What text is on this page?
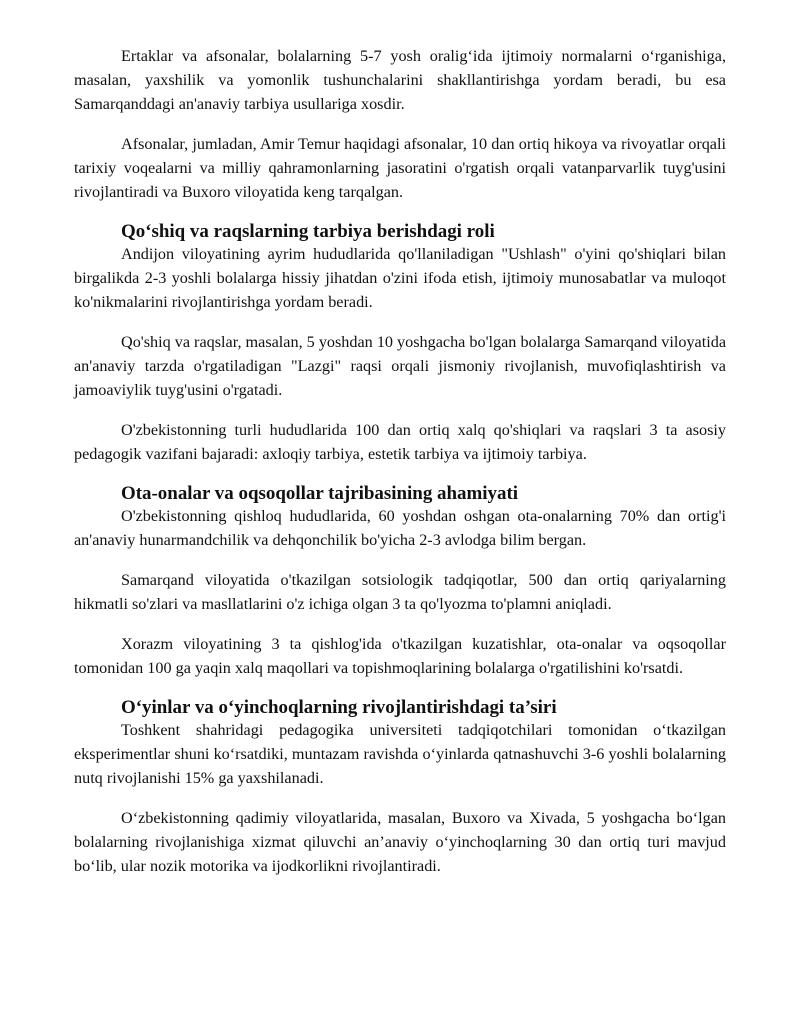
Ertaklar va afsonalar, bolalarning 5-7 yosh oralig‘ida ijtimoiy normalarni o‘rganishiga, masalan, yaxshilik va yomonlik tushunchalarini shakllantirishga yordam beradi, bu esa Samarqanddagi an'anaviy tarbiya usullariga xosdir.

Afsonalar, jumladan, Amir Temur haqidagi afsonalar, 10 dan ortiq hikoya va rivoyatlar orqali tarixiy voqealarni va milliy qahramonlarning jasoratini o'rgatish orqali vatanparvarlik tuyg'usini rivojlantiradi va Buxoro viloyatida keng tarqalgan.

Qo‘shiq va raqslarning tarbiya berishdagi roli

Andijon viloyatining ayrim hududlarida qo'llaniladigan "Ushlash" o'yini qo'shiqlari bilan birgalikda 2-3 yoshli bolalarga hissiy jihatdan o'zini ifoda etish, ijtimoiy munosabatlar va muloqot ko'nikmalarini rivojlantirishga yordam beradi.

Qo'shiq va raqslar, masalan, 5 yoshdan 10 yoshgacha bo'lgan bolalarga Samarqand viloyatida an'anaviy tarzda o'rgatiladigan "Lazgi" raqsi orqali jismoniy rivojlanish, muvofiqlashtirish va jamoaviylik tuyg'usini o'rgatadi.

O'zbekistonning turli hududlarida 100 dan ortiq xalq qo'shiqlari va raqslari 3 ta asosiy pedagogik vazifani bajaradi: axloqiy tarbiya, estetik tarbiya va ijtimoiy tarbiya.

Ota-onalar va oqsoqollar tajribasining ahamiyati

O'zbekistonning qishloq hududlarida, 60 yoshdan oshgan ota-onalarning 70% dan ortig'i an'anaviy hunarmandchilik va dehqonchilik bo'yicha 2-3 avlodga bilim bergan.

Samarqand viloyatida o'tkazilgan sotsiologik tadqiqotlar, 500 dan ortiq qariyalarning hikmatli so'zlari va masllatlarini o'z ichiga olgan 3 ta qo'lyozma to'plamni aniqladi.

Xorazm viloyatining 3 ta qishlog'ida o'tkazilgan kuzatishlar, ota-onalar va oqsoqollar tomonidan 100 ga yaqin xalq maqollari va topishmoqlarining bolalarga o'rgatilishini ko'rsatdi.

O‘yinlar va o‘yinchoqlarning rivojlantirishdagi ta’siri

Toshkent shahridagi pedagogika universiteti tadqiqotchilari tomonidan o‘tkazilgan eksperimentlar shuni ko‘rsatdiki, muntazam ravishda o‘yinlarda qatnashuvchi 3-6 yoshli bolalarning nutq rivojlanishi 15% ga yaxshilanadi.

O‘zbekistonning qadimiy viloyatlarida, masalan, Buxoro va Xivada, 5 yoshgacha bo‘lgan bolalarning rivojlanishiga xizmat qiluvchi an’anaviy o‘yinchoqlarning 30 dan ortiq turi mavjud bo‘lib, ular nozik motorika va ijodkorlikni rivojlantiradi.
